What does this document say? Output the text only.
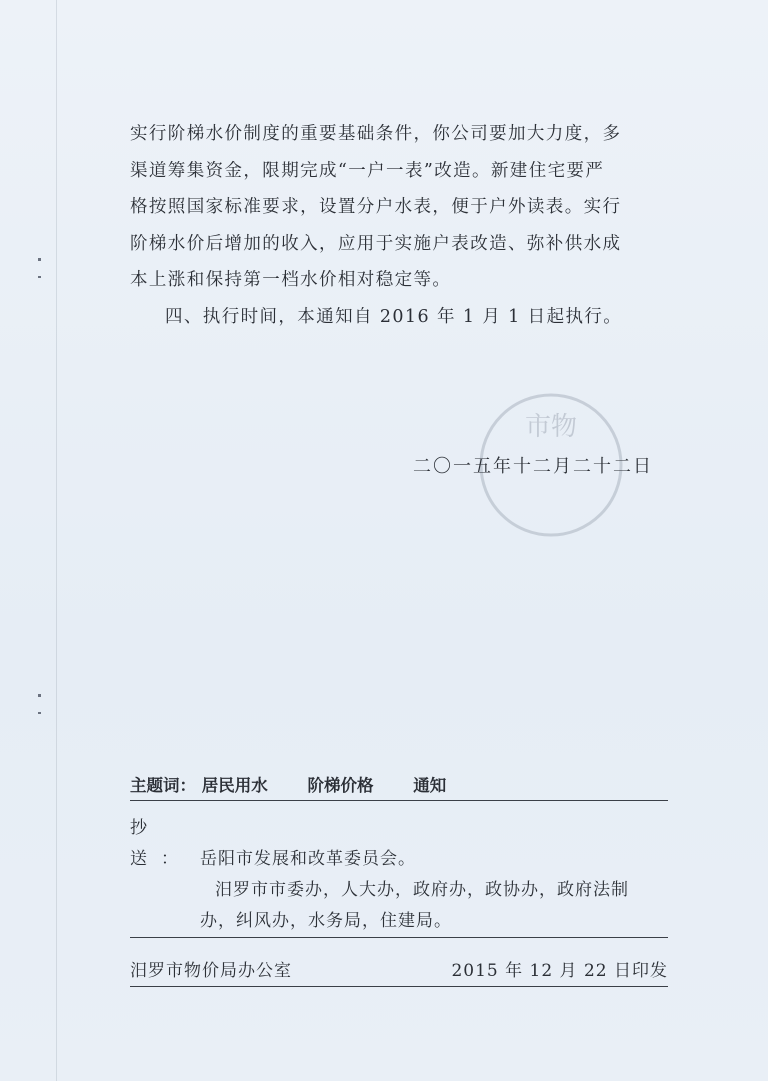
实行阶梯水价制度的重要基础条件，你公司要加大力度，多

渠道筹集资金，限期完成“一户一表”改造。新建住宅要严

格按照国家标准要求，设置分户水表，便于户外读表。实行

阶梯水价后增加的收入，应用于实施户表改造、弥补供水成

本上涨和保持第一档水价相对稳定等。

四、执行时间，本通知自 2016 年 1 月 1 日起执行。

市物
二〇一五年十二月二十二日
主题词： 居民用水 阶梯价格 通知
抄送： 岳阳市发展和改革委员会。
汨罗市市委办，人大办，政府办，政协办，政府法制
办，纠风办，水务局，住建局。
汨罗市物价局办公室	2015 年 12 月 22 日印发
